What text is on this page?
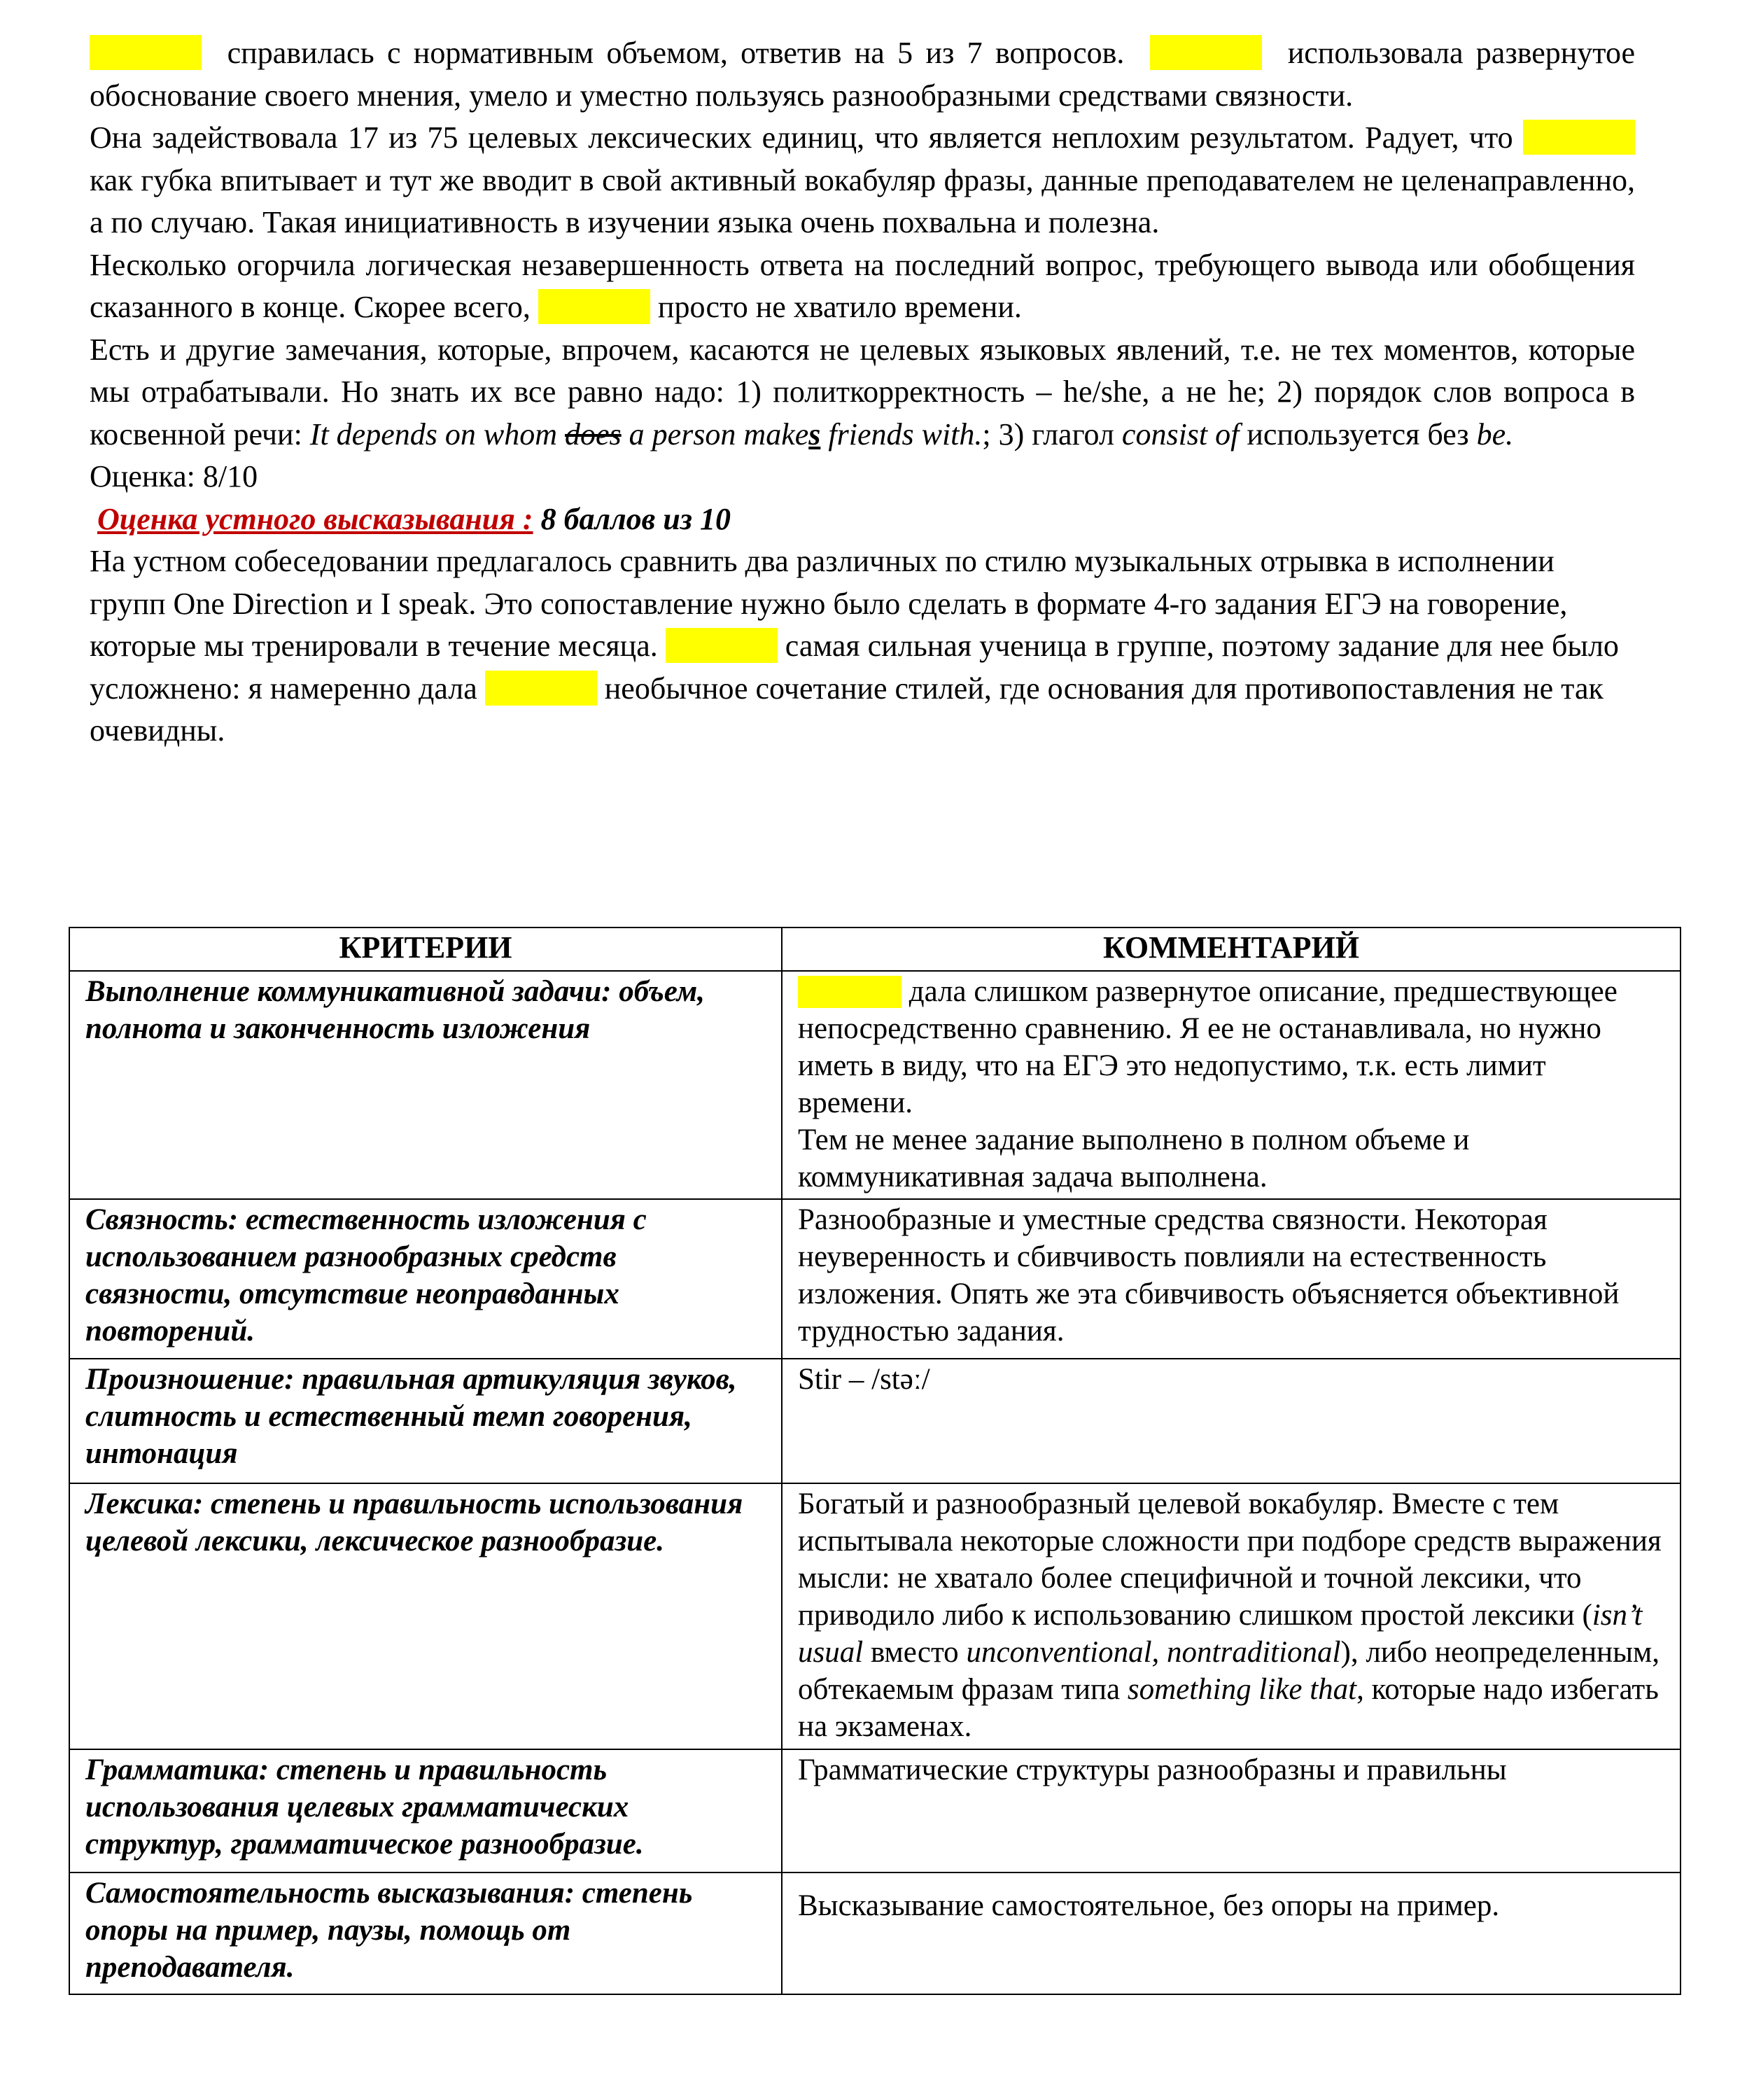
справилась с нормативным объемом, ответив на 5 из 7 вопросов.	использовала развернутое обоснование своего мнения, умело и уместно пользуясь разнообразными средствами связности.

Она задействовала 17 из 75 целевых лексических единиц, что является неплохим результатом. Радует, что  как губка впитывает и тут же вводит в свой активный вокабуляр фразы, данные преподавателем не целенаправленно, а по случаю. Такая инициативность в изучении языка очень похвальна и полезна.

Несколько огорчила логическая незавершенность ответа на последний вопрос, требующего вывода или обобщения сказанного в конце. Скорее всего,	просто не хватило времени.

Есть и другие замечания, которые, впрочем, касаются не целевых языковых явлений, т.е. не тех моментов, которые мы отрабатывали. Но знать их все равно надо: 1) политкорректность – he/she, а не he; 2) порядок слов вопроса в косвенной речи: It depends on whom does a person makes friends with.; 3) глагол consist of используется без be.

Оценка: 8/10

Оценка устного высказывания : 8 баллов из 10

На устном собеседовании предлагалось сравнить два различных по стилю музыкальных отрывка в исполнении групп One Direction и I speak. Это сопоставление нужно было сделать в формате 4-го задания ЕГЭ на говорение, которые мы тренировали в течение месяца.	самая сильная ученица в группе, поэтому задание для нее было усложнено: я намеренно дала	необычное сочетание стилей, где основания для противопоставления не так очевидны.

КРИТЕРИИ	КОММЕНТАРИЙ
Выполнение коммуникативной задачи: объем, полнота и законченность изложения	дала слишком развернутое описание, предшествующее непосредственно сравнению. Я ее не останавливала, но нужно иметь в виду, что на ЕГЭ это недопустимо, т.к. есть лимит времени.
Тем не менее задание выполнено в полном объеме и коммуникативная задача выполнена.
Связность: естественность изложения с использованием разнообразных средств связности, отсутствие неоправданных повторений.	Разнообразные и уместные средства связности. Некоторая неуверенность и сбивчивость повлияли на естественность изложения. Опять же эта сбивчивость объясняется объективной трудностью задания.
Произношение: правильная артикуляция звуков, слитность и естественный темп говорения, интонация	Stir – /stəː/
Лексика: степень и правильность использования целевой лексики, лексическое разнообразие.	Богатый и разнообразный целевой вокабуляр. Вместе с тем испытывала некоторые сложности при подборе средств выражения мысли: не хватало более специфичной и точной лексики, что приводило либо к использованию слишком простой лексики (isn’t usual вместо unconventional, nontraditional), либо неопределенным, обтекаемым фразам типа something like that, которые надо избегать на экзаменах.
Грамматика: степень и правильность использования целевых грамматических структур, грамматическое разнообразие.	Грамматические структуры разнообразны и правильны
Самостоятельность высказывания: степень опоры на пример, паузы, помощь от преподавателя.	Высказывание самостоятельное, без опоры на пример.
